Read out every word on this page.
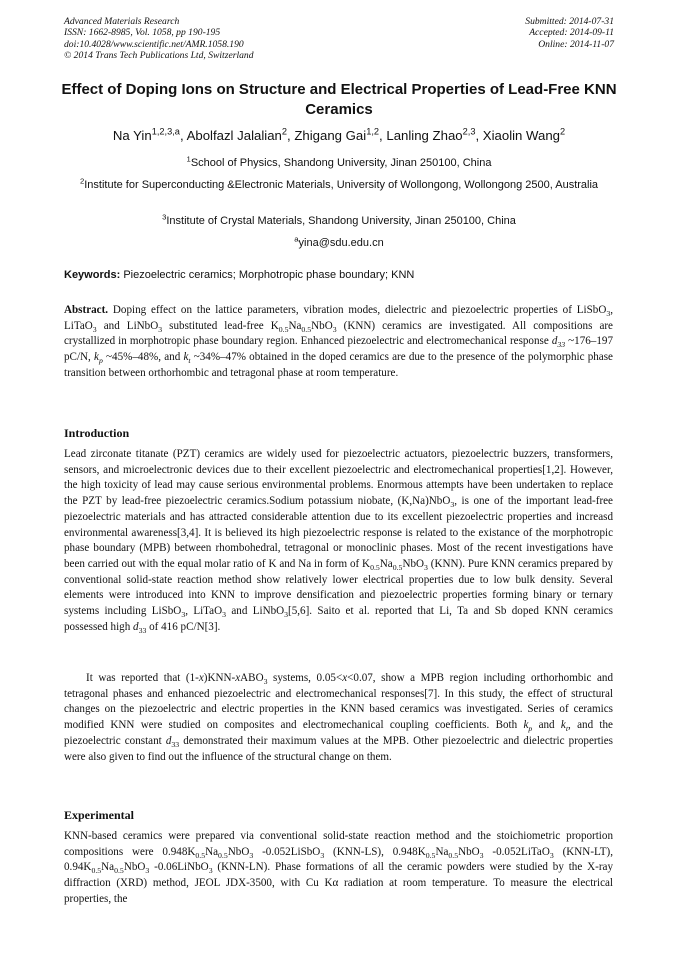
Advanced Materials Research
ISSN: 1662-8985, Vol. 1058, pp 190-195
doi:10.4028/www.scientific.net/AMR.1058.190
© 2014 Trans Tech Publications Ltd, Switzerland
Submitted: 2014-07-31
Accepted: 2014-09-11
Online: 2014-11-07
Effect of Doping Ions on Structure and Electrical Properties of Lead-Free KNN Ceramics
Na Yin$^{1,2,3,a}$, Abolfazl Jalalian$^2$, Zhigang Gai$^{1,2}$, Lanling Zhao$^{2,3}$, Xiaolin Wang$^2$
$^1$School of Physics, Shandong University, Jinan 250100, China
$^2$Institute for Superconducting &Electronic Materials, University of Wollongong, Wollongong 2500, Australia
$^3$Institute of Crystal Materials, Shandong University, Jinan 250100, China
$^a$yina@sdu.edu.cn
Keywords: Piezoelectric ceramics; Morphotropic phase boundary; KNN

Abstract. Doping effect on the lattice parameters, vibration modes, dielectric and piezoelectric properties of LiSbO$_3$, LiTaO$_3$ and LiNbO$_3$ substituted lead-free $K_{0.5}Na_{0.5}NbO_3$ (KNN) ceramics are investigated. All compositions are crystallized in morphotropic phase boundary region. Enhanced piezoelectric and electromechanical response $d_{33}$ ~176–197 pC/N, $k_p$ ~45%–48%, and $k_t$ ~34%–47% obtained in the doped ceramics are due to the presence of the polymorphic phase transition between orthorhombic and tetragonal phase at room temperature.

Introduction

Lead zirconate titanate (PZT) ceramics are widely used for piezoelectric actuators, piezoelectric buzzers, transformers, sensors, and microelectronic devices due to their excellent piezoelectric and electromechanical properties[1,2]. However, the high toxicity of lead may cause serious environmental problems. Enormous attempts have been undertaken to replace the PZT by lead-free piezoelectric ceramics.Sodium potassium niobate, (K,Na)NbO$_3$, is one of the important lead-free piezoelectric materials and has attracted considerable attention due to its excellent piezoelectric properties and increasd environmental awareness[3,4]. It is believed its high piezoelectric response is related to the existance of the morphotropic phase boundary (MPB) between rhombohedral, tetragonal or monoclinic phases. Most of the recent investigations have been carried out with the equal molar ratio of K and Na in form of $K_{0.5}Na_{0.5}NbO_3$ (KNN). Pure KNN ceramics prepared by conventional solid-state reaction method show relatively lower electrical properties due to low bulk density. Several elements were introduced into KNN to improve densification and piezoelectric properties forming binary or ternary systems including LiSbO$_3$, LiTaO$_3$ and LiNbO$_3$[5,6]. Saito et al. reported that Li, Ta and Sb doped KNN ceramics possessed high $d_{33}$ of 416 pC/N[3].

It was reported that (1-x)KNN-xABO$_3$ systems, 0.05<x<0.07, show a MPB region including orthorhombic and tetragonal phases and enhanced piezoelectric and electromechanical responses[7]. In this study, the effect of structural changes on the piezoelectric and electric properties in the KNN based ceramics was investigated. Series of ceramics modified KNN were studied on composites and electromechanical coupling coefficients. Both $k_p$ and $k_t$, and the piezoelectric constant $d_{33}$ demonstrated their maximum values at the MPB. Other piezoelectric and dielectric properties were also given to find out the influence of the structural change on them.

Experimental

KNN-based ceramics were prepared via conventional solid-state reaction method and the stoichiometric proportion compositions were $0.948K_{0.5}Na_{0.5}NbO_3$ -0.052LiSbO$_3$ (KNN-LS), $0.948K_{0.5}Na_{0.5}NbO_3$ -0.052LiTaO$_3$ (KNN-LT), $0.94K_{0.5}Na_{0.5}NbO_3$ -0.06LiNbO$_3$ (KNN-LN). Phase formations of all the ceramic powders were studied by the X-ray diffraction (XRD) method, JEOL JDX-3500, with Cu Kα radiation at room temperature. To measure the electrical properties, the
